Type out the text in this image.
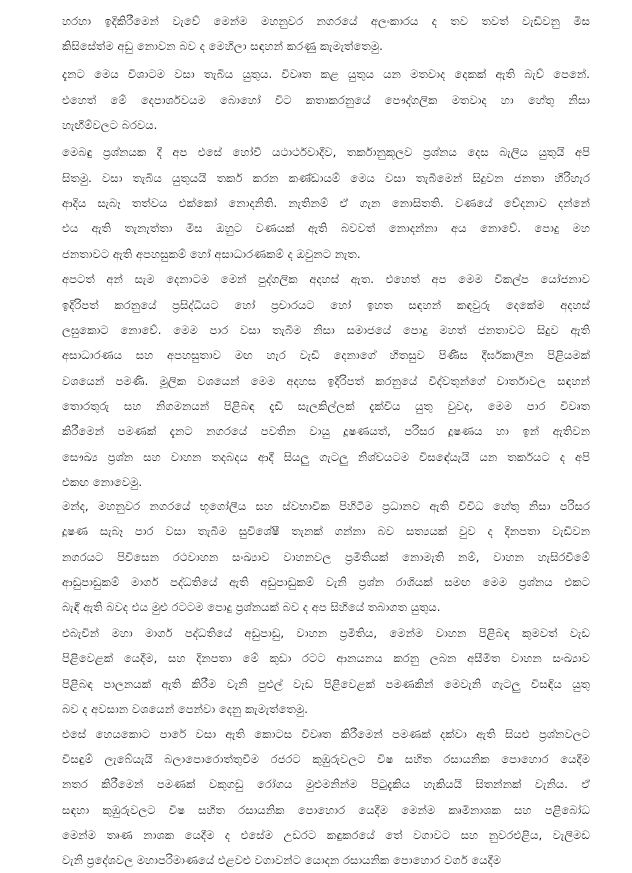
හරහා ඉදිකිරීමෙන් වැවේ මෙන්ම මහනුවර නගරයේ අලංකාරය ද තව තවත් වැඩිවනු මිස
කිසිසේත්ම අඩු නොවන බව ද මෙහිලා සඳහන් කරණු කැමැත්තෙමු.
දැනට මෙය විශාටම වසා තැබිය යුතුය. විවෘත කළ යුතුය යන මතවාද දෙකක් ඇති බැව් පෙනේ.
එහෙත් මේ දෙපාර්ශවයම බොහෝ විට කතාකරනුයේ පෞද්ගලික මතවාද හා හේතු නිසා
හැඟීම්වලට බරවය.
මෙබඳු ප්‍රශ්නයක දී අප එසේ හෝවී යථාර්ථවාදීව, තර්කානුකූලව ප්‍රශ්නය දෙස බැලිය යුතුයි අපි
සිතමු. වසා තැබිය යුතුයයි තර්ක කරන කණ්ඩායම් මෙය වසා තැබීමෙන් සිදුවන ජනතා හිරිහැර
ආදිය සැබෑ තත්වය එක්කෝ නොදනිති. නැතිනම් ඒ ගැන නොසිතති. වණයේ වේදනාව දන්නේ
එය ඇති තැනැත්තා මිස ඔහුට වණයක් ඇති බවවත් නොදන්නා අය නොවේ. පොදු මහ
ජනතාවට ඇති අපහසුකම් හෝ අසාධාරණකම් ද ඔවුනට නැත.
අපටත් අන් සැම දෙනාටම මෙන් පුද්ගලික අදහස් ඇත. එහෙත් අප මෙම විකල්ප යෝජනාව
ඉදිරිපත් කරනුයේ ප්‍රසිද්ධියට හෝ ප්‍රචාරයට හෝ ඉහත සඳහන් කඳවුරු දෙකේම අදහස්
ලඝුකොට නොවේ. මෙම පාර වසා තැබීම නිසා සමාජයේ පොදු මහත් ජනතාවට සිදුව ඇති
අසාධාරණය සහ අපහසුතාව මඟ හැර වැඩි දෙනාගේ හිතසුව පිණිස දීර්ඝකාලීන පිළියමක්
වශයෙන් පමණි. මූලික වශයෙන් මෙම අදහස ඉදිරිපත් කරනුයේ විද්වතුන්ගේ වාර්තාවල සඳහන්
තොරතුරු සහ නිගමනයන් පිළිබඳ දැඩි සැලකිල්ලක් දැක්විය යුතු වුවද, මෙම පාර විවෘත
කිරීමෙන් පමණක් දැනට නගරයේ පවතින වායු දූෂණයත්, පරිසර දූෂණය හා ඉන් ඇතිවන
සෞඛ්‍ය ප්‍රශ්න සහ වාහන තදබදය ආදී සියලු ගැටලු නිශ්චයටම විසඳේයැයි යන තර්කයට ද අපි
එකඟ නොවෙමු.
මන්ද, මහනුවර නගරයේ භූගෝලීය සහ ස්වභාවික පිහිටීම ප්‍රධානව ඇති විවිධ හේතු නිසා පරිසර
දූෂණ සැබෑ පාර වසා තැබීම සුවිශේෂී තැනක් ගන්නා බව සත්‍යයක් වුව ද දිනපතා වැඩිවන
නගරයට පිවිසෙන රථවාහන සංඛ්‍යාව වාහනවල ප්‍රමිතියක් නොමැති නම්, වාහන හැසිරවීමේ
ආඩුපාඩුකම් මාර්ග පද්ධතියේ ඇති අඩුපාඩුකම් වැනි ප්‍රශ්න රාශියක් සමඟ මෙම ප්‍රශ්නය එකට
බැඳී ඇති බවද එය මුළු රටටම පොදු ප්‍රශ්නයක් බව ද අප සිහියේ තබාගත යුතුය.
එබැවින් මහා මාර්ග පද්ධතියේ අඩුපාඩු, වාහන ප්‍රමිතිය, මෙන්ම වාහන පිළිබඳ කුමවත් වැඩ
පිළිවෙළක් යෙදීම, සහ දිනපතා මේ කුඩා රටට ආනයනය කරනු ලබන අසීමිත වාහන සංඛ්‍යාව
පිළිබඳ පාලනයක් ඇති කිරීම වැනි පුළුල් වැඩ පිළිවෙළක් පමණකින් මෙවැනි ගැටලු විසඳිය යුතු
බව ද අවසාන වශයෙන් පෙන්වා දෙනු කැමැත්තෙමු.
එසේ හෙයකොට පාරේ වසා ඇති කොටස විවෘත කිරීමෙන් පමණක් දක්වා ඇති සියළු ප්‍රශ්නවලට
විසඳුම් ලැබේයැයි බලාපොරොත්තුවීම රජරට කුඹුරුවලට විෂ සහිත රසායනික පොහොර යෙදීම
නතර කිරීමෙන් පමණක් වකුගඩු රෝගය මුළුමනින්ම පිටුදැකිය හැකියයි සිතන්නක් වැනිය. ඒ
සඳහා කුඹුරුවලට විෂ සහිත රසායනික පොහොර යෙදීම මෙන්ම කෘමිනාශක සහ පළිබෝධ
මෙන්ම තෘණ නාශක යෙදීම ද එසේම උඩරට කඳුකරයේ තේ වගාවට සහ නුවරඑළිය, වැලිමඩ
වැනි ප්‍රදේශවල මහාපරිමාණයේ එළවළු වගාවන්ට යොදන රසායනික පොහොර වර්ග යෙදීම
